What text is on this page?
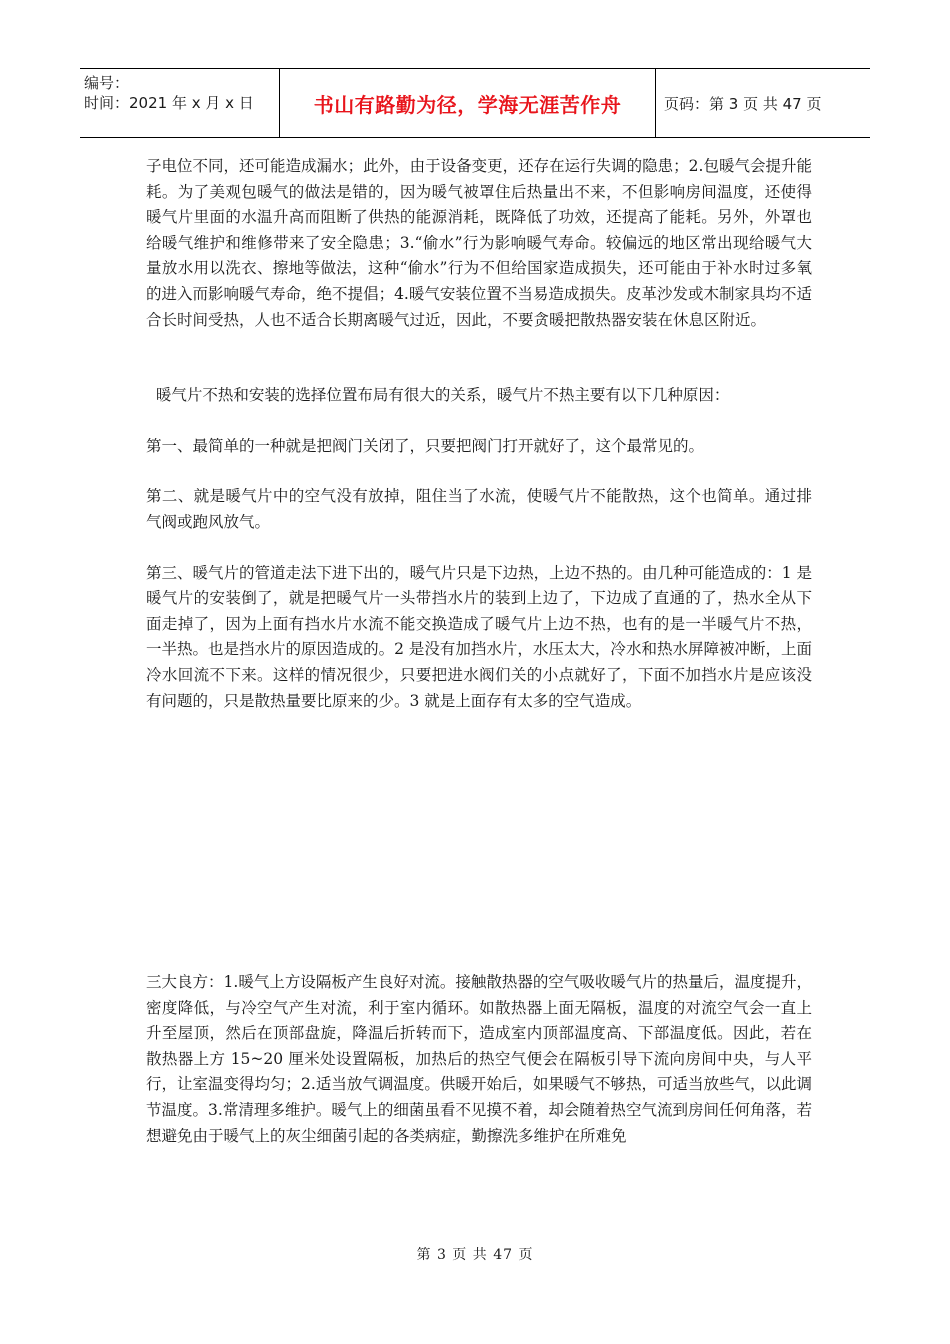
编号：
时间：2021 年 x 月 x 日	书山有路勤为径，学海无涯苦作舟	页码：第 3 页 共 47 页

子电位不同，还可能造成漏水；此外，由于设备变更，还存在运行失调的隐患；2.包暖气会提升能耗。为了美观包暖气的做法是错的，因为暖气被罩住后热量出不来，不但影响房间温度，还使得暖气片里面的水温升高而阻断了供热的能源消耗，既降低了功效，还提高了能耗。另外，外罩也给暖气维护和维修带来了安全隐患；3.“偷水”行为影响暖气寿命。较偏远的地区常出现给暖气大量放水用以洗衣、擦地等做法，这种“偷水”行为不但给国家造成损失，还可能由于补水时过多氧的进入而影响暖气寿命，绝不提倡；4.暖气安装位置不当易造成损失。皮革沙发或木制家具均不适合长时间受热，人也不适合长期离暖气过近，因此，不要贪暖把散热器安装在休息区附近。

暖气片不热和安装的选择位置布局有很大的关系，暖气片不热主要有以下几种原因：

第一、最简单的一种就是把阀门关闭了，只要把阀门打开就好了，这个最常见的。

第二、就是暖气片中的空气没有放掉，阻住当了水流，使暖气片不能散热，这个也简单。通过排气阀或跑风放气。

第三、暖气片的管道走法下进下出的，暖气片只是下边热，上边不热的。由几种可能造成的：1 是暖气片的安装倒了，就是把暖气片一头带挡水片的装到上边了，下边成了直通的了，热水全从下面走掉了，因为上面有挡水片水流不能交换造成了暖气片上边不热，也有的是一半暖气片不热，一半热。也是挡水片的原因造成的。2 是没有加挡水片，水压太大，冷水和热水屏障被冲断，上面冷水回流不下来。这样的情况很少，只要把进水阀们关的小点就好了，下面不加挡水片是应该没有问题的，只是散热量要比原来的少。3 就是上面存有太多的空气造成。

三大良方：1.暖气上方设隔板产生良好对流。接触散热器的空气吸收暖气片的热量后，温度提升，密度降低，与冷空气产生对流，利于室内循环。如散热器上面无隔板，温度的对流空气会一直上升至屋顶，然后在顶部盘旋，降温后折转而下，造成室内顶部温度高、下部温度低。因此，若在散热器上方 15~20 厘米处设置隔板，加热后的热空气便会在隔板引导下流向房间中央，与人平行，让室温变得均匀；2.适当放气调温度。供暖开始后，如果暖气不够热，可适当放些气，以此调节温度。3.常清理多维护。暖气上的细菌虽看不见摸不着，却会随着热空气流到房间任何角落，若想避免由于暖气上的灰尘细菌引起的各类病症，勤擦洗多维护在所难免

第 3 页 共 47 页
